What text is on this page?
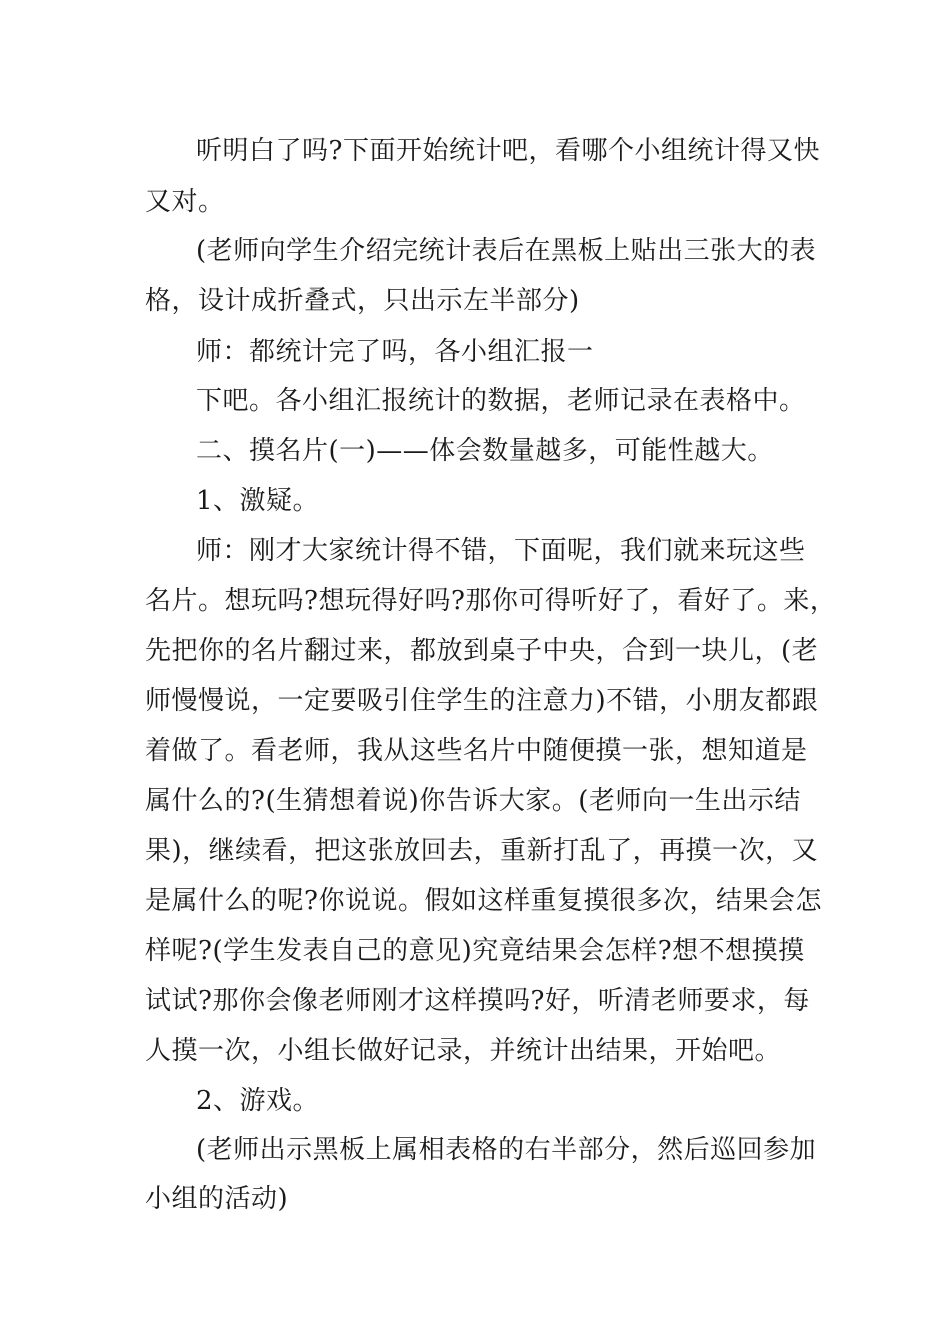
听明白了吗?下面开始统计吧，看哪个小组统计得又快
又对。
(老师向学生介绍完统计表后在黑板上贴出三张大的表
格，设计成折叠式，只出示左半部分)
师：都统计完了吗，各小组汇报一
下吧。各小组汇报统计的数据，老师记录在表格中。
二、摸名片(一)——体会数量越多，可能性越大。
1、激疑。
师：刚才大家统计得不错，下面呢，我们就来玩这些
名片。想玩吗?想玩得好吗?那你可得听好了，看好了。来，
先把你的名片翻过来，都放到桌子中央，合到一块儿，(老
师慢慢说，一定要吸引住学生的注意力)不错，小朋友都跟
着做了。看老师，我从这些名片中随便摸一张，想知道是
属什么的?(生猜想着说)你告诉大家。(老师向一生出示结
果)，继续看，把这张放回去，重新打乱了，再摸一次，又
是属什么的呢?你说说。假如这样重复摸很多次，结果会怎
样呢?(学生发表自己的意见)究竟结果会怎样?想不想摸摸
试试?那你会像老师刚才这样摸吗?好，听清老师要求，每
人摸一次，小组长做好记录，并统计出结果，开始吧。
2、游戏。
(老师出示黑板上属相表格的右半部分，然后巡回参加
小组的活动)
